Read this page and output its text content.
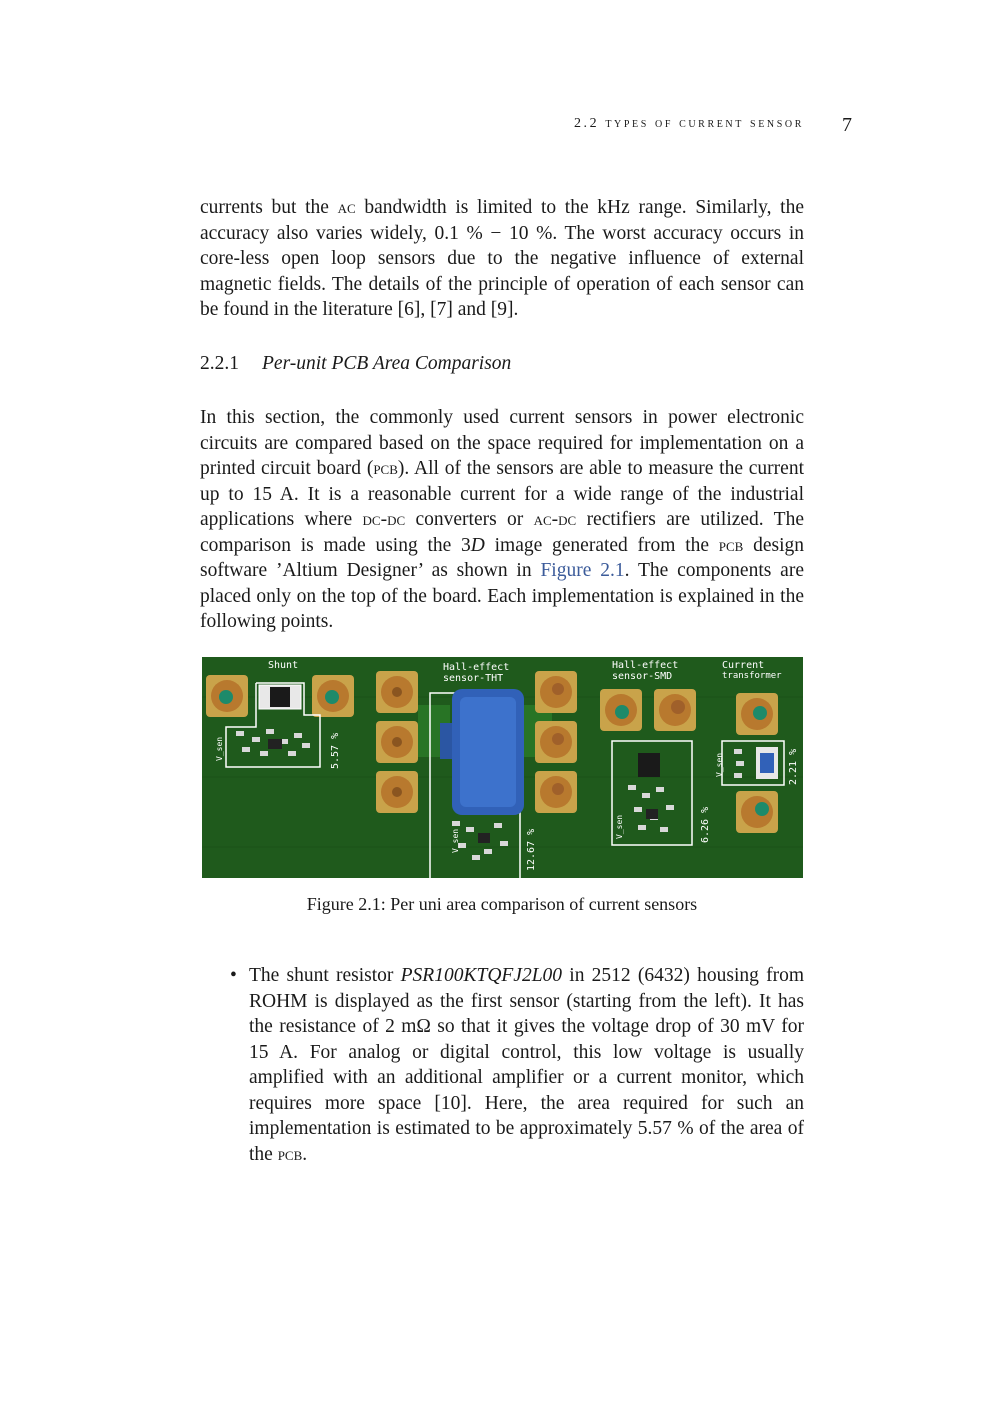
2.2 types of current sensor 7

currents but the ac bandwidth is limited to the kHz range. Similarly, the accuracy also varies widely, 0.1 % − 10 %. The worst accuracy occurs in core-less open loop sensors due to the negative influence of external magnetic fields. The details of the principle of operation of each sensor can be found in the literature [6], [7] and [9].

2.2.1 Per-unit PCB Area Comparison

In this section, the commonly used current sensors in power electronic circuits are compared based on the space required for implementation on a printed circuit board (pcb). All of the sensors are able to measure the current up to 15 A. It is a reasonable current for a wide range of the industrial applications where dc-dc converters or ac-dc rectifiers are utilized. The comparison is made using the 3D image generated from the pcb design software ’Altium Designer’ as shown in Figure 2.1. The components are placed only on the top of the board. Each implementation is explained in the following points.

Shunt
V_sen	5.57 %
Hall-effect
sensor-THT
V_sen	12.67 %
Hall-effect
sensor-SMD
V_sen	6.26 %
Current
transformer
V_sen	2.21 %
Figure 2.1: Per uni area comparison of current sensors
• The shunt resistor PSR100KTQFJ2L00 in 2512 (6432) housing from ROHM is displayed as the first sensor (starting from the left). It has the resistance of 2 mΩ so that it gives the voltage drop of 30 mV for 15 A. For analog or digital control, this low voltage is usually amplified with an additional amplifier or a current monitor, which requires more space [10]. Here, the area required for such an implementation is estimated to be approximately 5.57 % of the area of the pcb.
